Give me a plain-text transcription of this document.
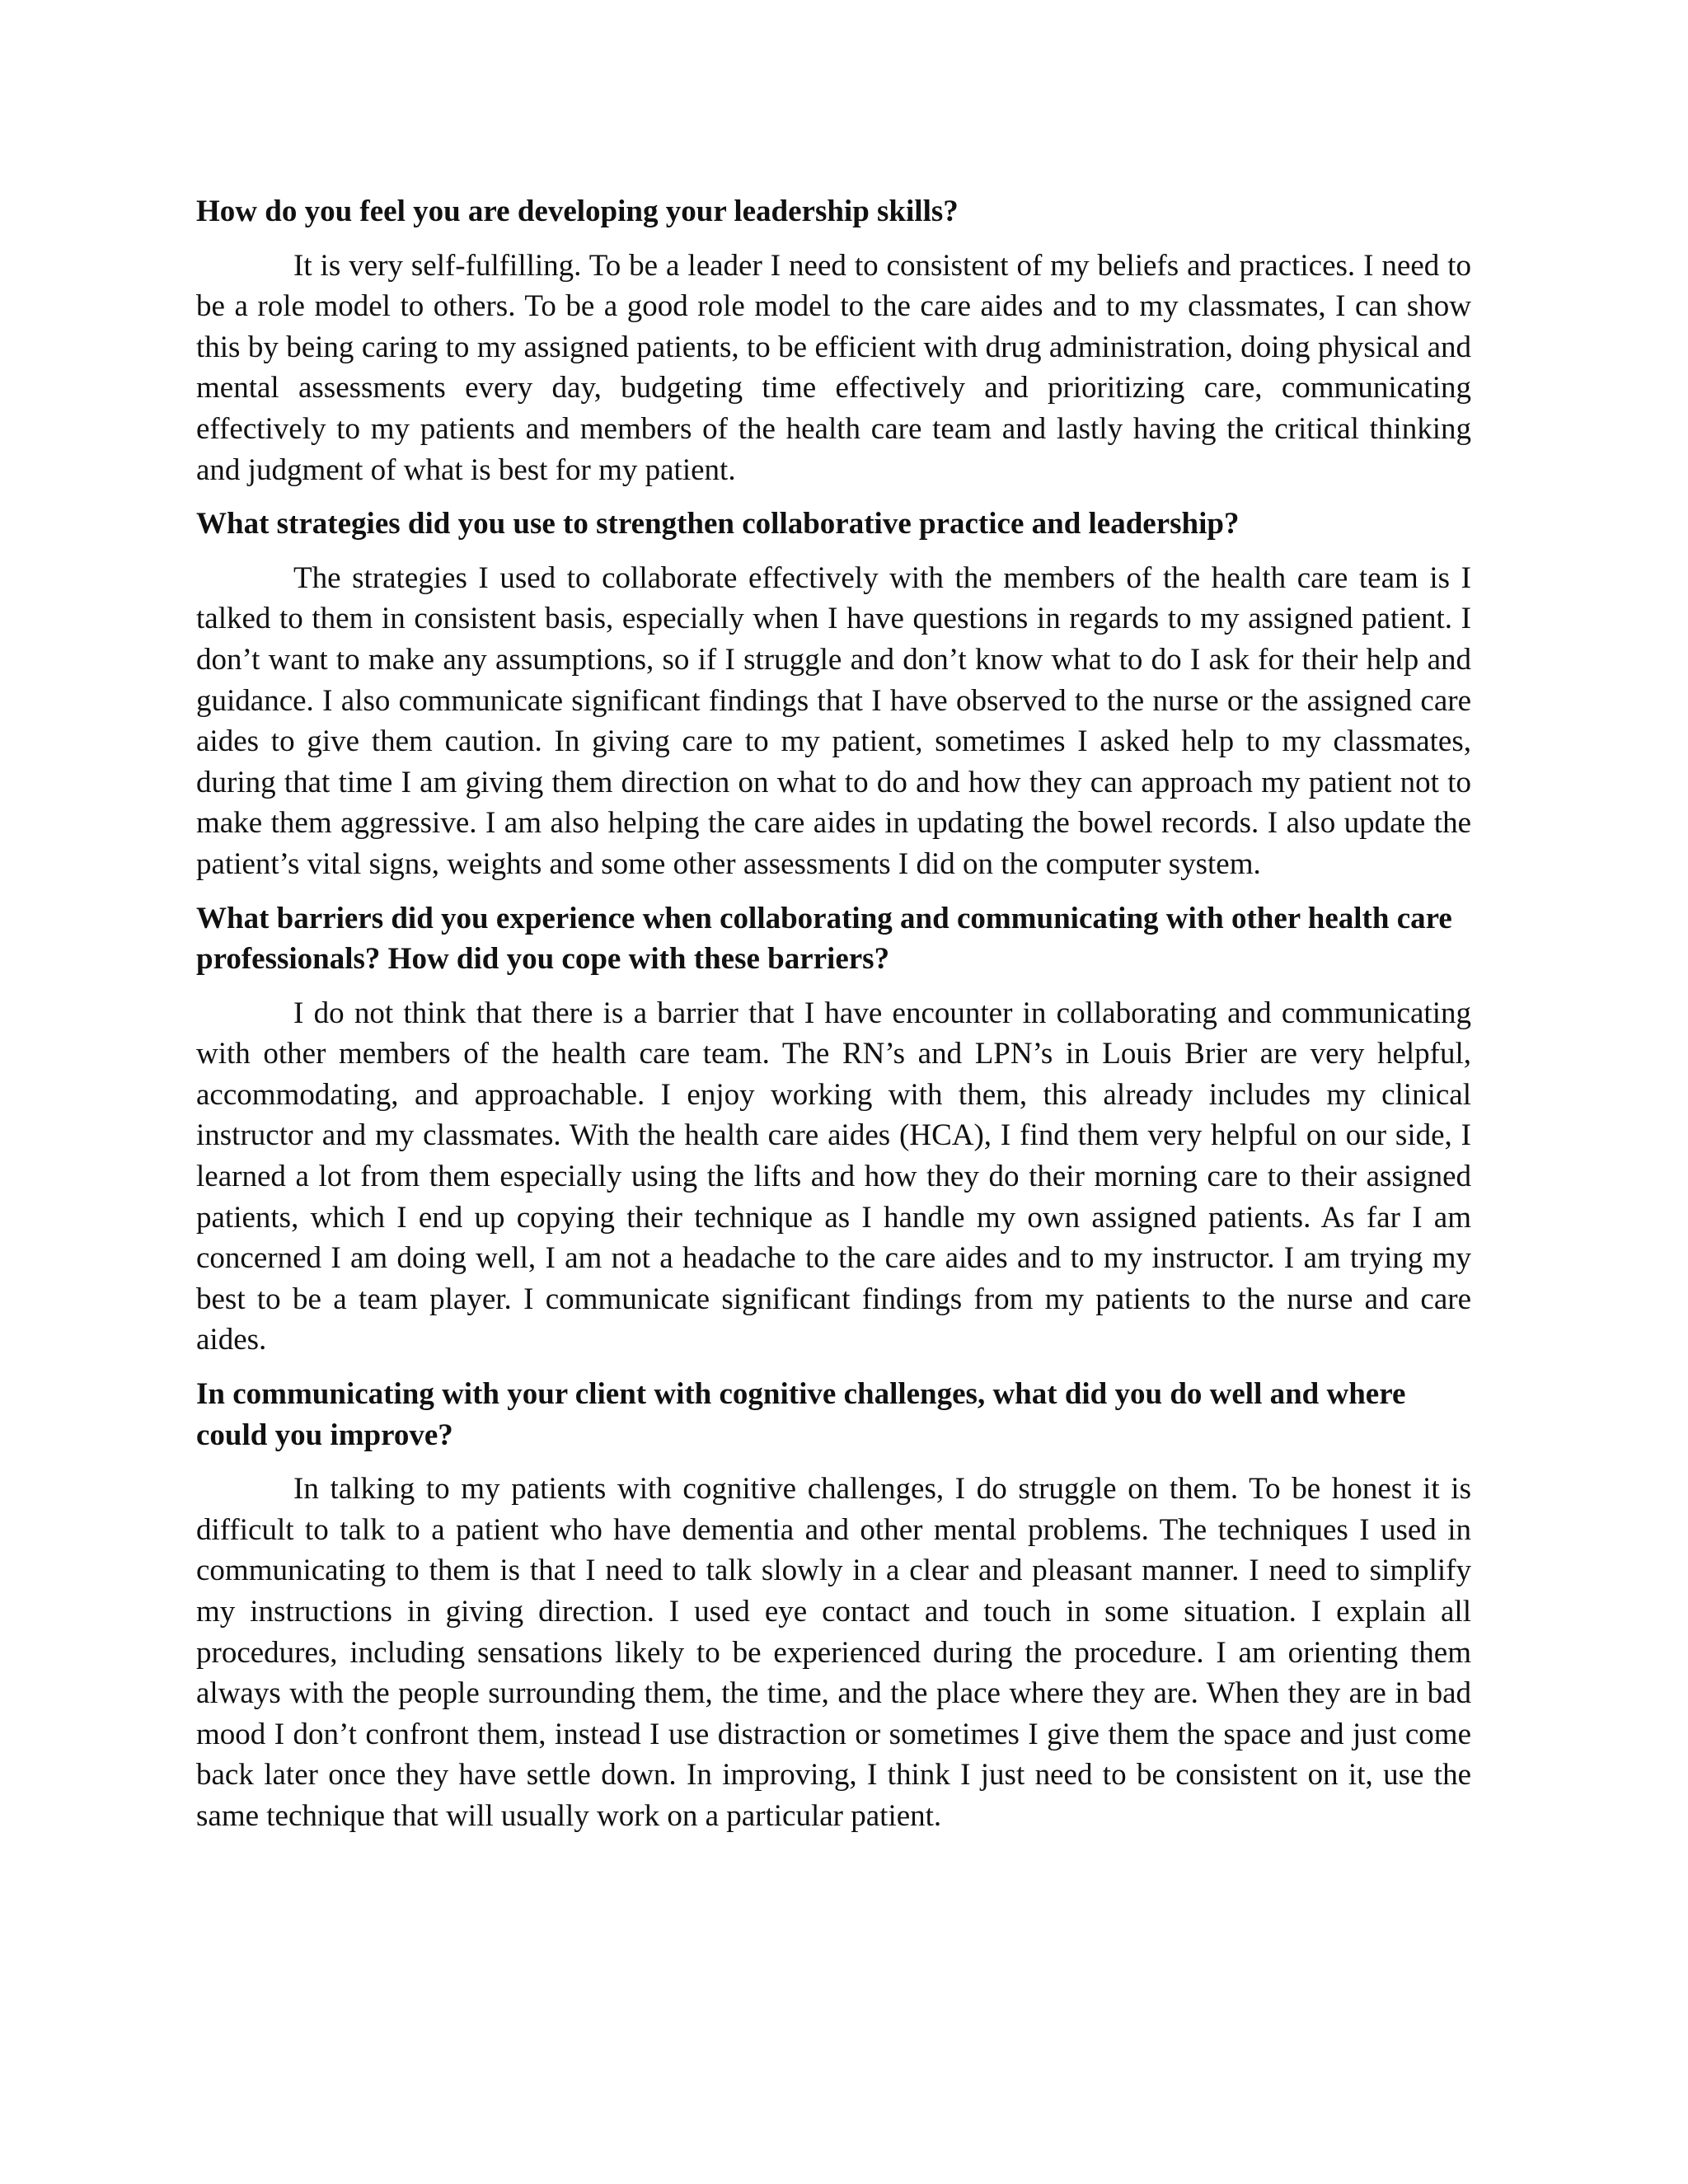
How do you feel you are developing your leadership skills?

It is very self-fulfilling. To be a leader I need to consistent of my beliefs and practices. I need to be a role model to others. To be a good role model to the care aides and to my classmates, I can show this by being caring to my assigned patients, to be efficient with drug administration, doing physical and mental assessments every day, budgeting time effectively and prioritizing care, communicating effectively to my patients and members of the health care team and lastly having the critical thinking and judgment of what is best for my patient.

What strategies did you use to strengthen collaborative practice and leadership?

The strategies I used to collaborate effectively with the members of the health care team is I talked to them in consistent basis, especially when I have questions in regards to my assigned patient. I don’t want to make any assumptions, so if I struggle and don’t know what to do I ask for their help and guidance. I also communicate significant findings that I have observed to the nurse or the assigned care aides to give them caution. In giving care to my patient, sometimes I asked help to my classmates, during that time I am giving them direction on what to do and how they can approach my patient not to make them aggressive. I am also helping the care aides in updating the bowel records. I also update the patient’s vital signs, weights and some other assessments I did on the computer system.

What barriers did you experience when collaborating and communicating with other health care professionals? How did you cope with these barriers?

I do not think that there is a barrier that I have encounter in collaborating and communicating with other members of the health care team. The RN’s and LPN’s in Louis Brier are very helpful, accommodating, and approachable. I enjoy working with them, this already includes my clinical instructor and my classmates. With the health care aides (HCA), I find them very helpful on our side, I learned a lot from them especially using the lifts and how they do their morning care to their assigned patients, which I end up copying their technique as I handle my own assigned patients. As far I am concerned I am doing well, I am not a headache to the care aides and to my instructor. I am trying my best to be a team player. I communicate significant findings from my patients to the nurse and care aides.

In communicating with your client with cognitive challenges, what did you do well and where could you improve?

In talking to my patients with cognitive challenges, I do struggle on them. To be honest it is difficult to talk to a patient who have dementia and other mental problems. The techniques I used in communicating to them is that I need to talk slowly in a clear and pleasant manner. I need to simplify my instructions in giving direction. I used eye contact and touch in some situation. I explain all procedures, including sensations likely to be experienced during the procedure. I am orienting them always with the people surrounding them, the time, and the place where they are. When they are in bad mood I don’t confront them, instead I use distraction or sometimes I give them the space and just come back later once they have settle down. In improving, I think I just need to be consistent on it, use the same technique that will usually work on a particular patient.
